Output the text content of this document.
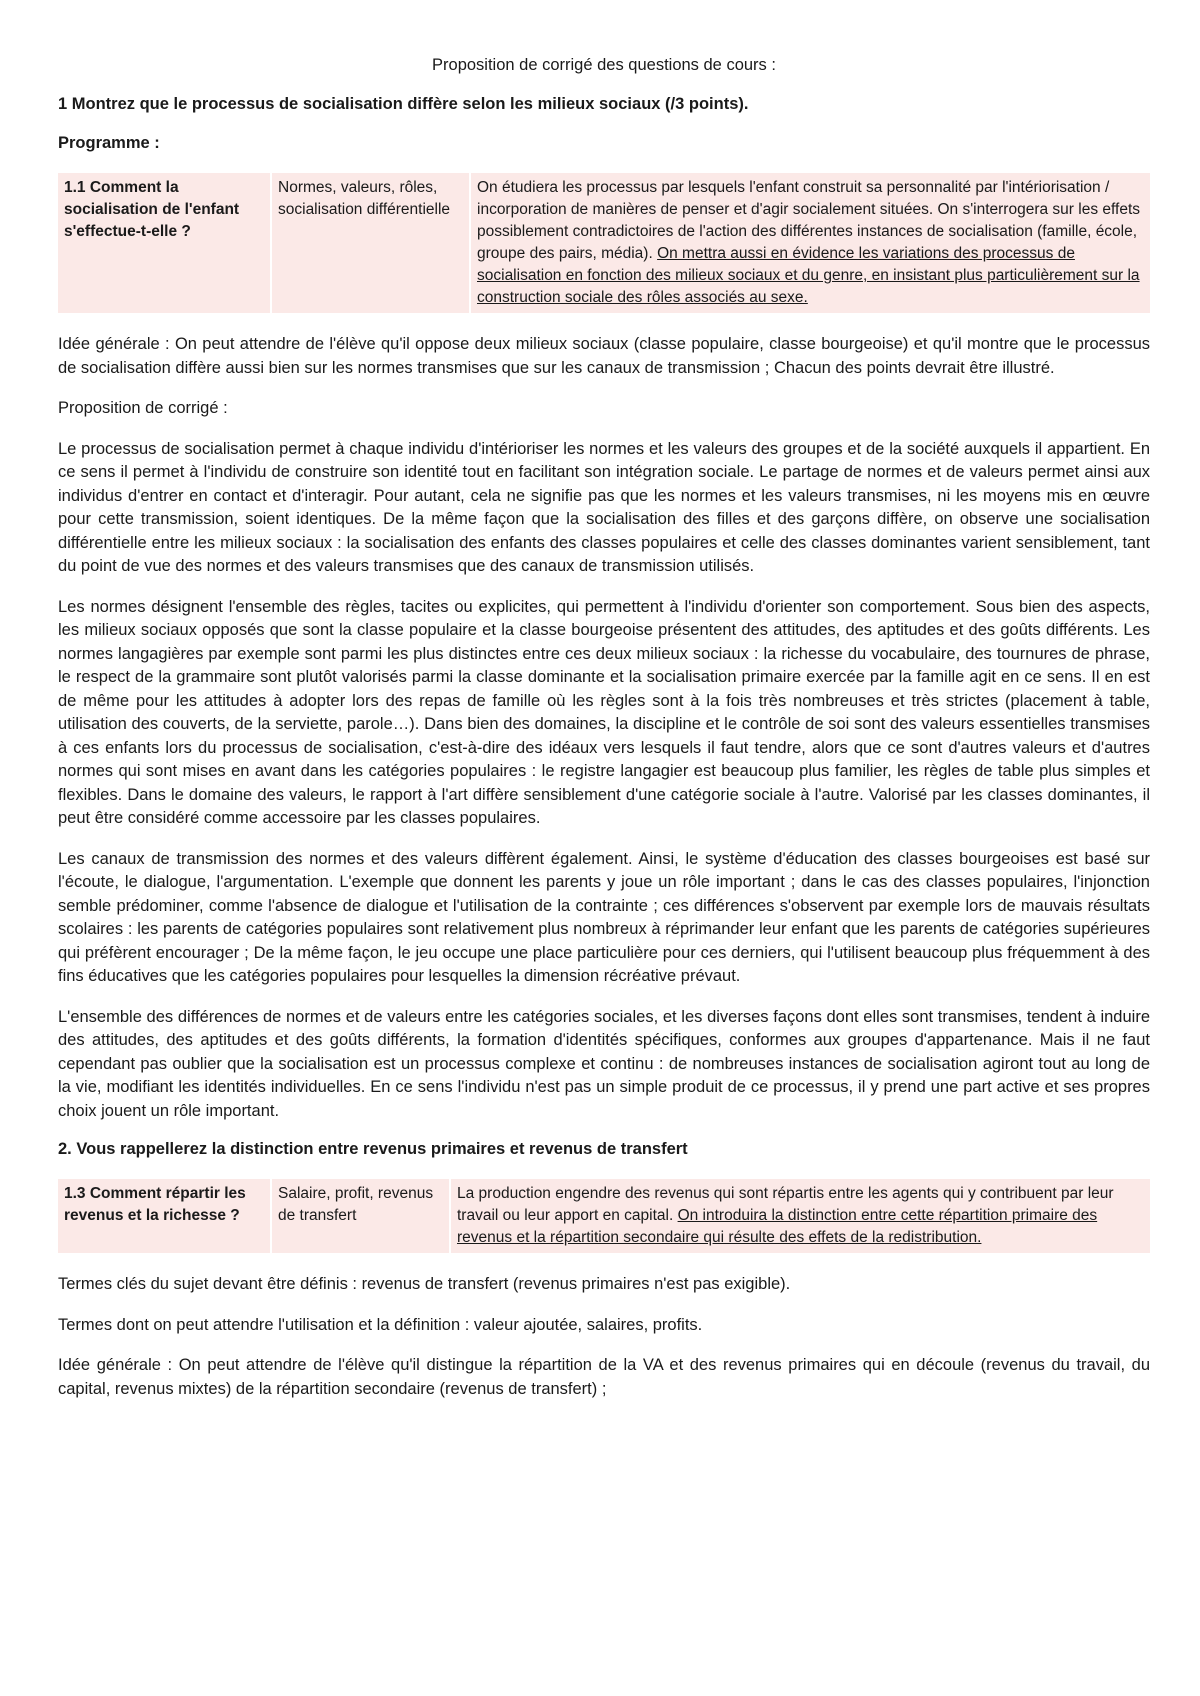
Proposition de corrigé des questions de cours :
1 Montrez que le processus de socialisation diffère selon les milieux sociaux (/3 points).
Programme :
1.1 Comment la socialisation de l'enfant s'effectue-t-elle ?	Normes, valeurs, rôles, socialisation différentielle	On étudiera les processus par lesquels l'enfant construit sa personnalité par l'intériorisation / incorporation de manières de penser et d'agir socialement situées. On s'interrogera sur les effets possiblement contradictoires de l'action des différentes instances de socialisation (famille, école, groupe des pairs, média). On mettra aussi en évidence les variations des processus de socialisation en fonction des milieux sociaux et du genre, en insistant plus particulièrement sur la construction sociale des rôles associés au sexe.

Idée générale : On peut attendre de l'élève qu'il oppose deux milieux sociaux (classe populaire, classe bourgeoise) et qu'il montre que le processus de socialisation diffère aussi bien sur les normes transmises que sur les canaux de transmission ; Chacun des points devrait être illustré.

Proposition de corrigé :

Le processus de socialisation permet à chaque individu d'intérioriser les normes et les valeurs des groupes et de la société auxquels il appartient. En ce sens il permet à l'individu de construire son identité tout en facilitant son intégration sociale. Le partage de normes et de valeurs permet ainsi aux individus d'entrer en contact et d'interagir. Pour autant, cela ne signifie pas que les normes et les valeurs transmises, ni les moyens mis en œuvre pour cette transmission, soient identiques. De la même façon que la socialisation des filles et des garçons diffère, on observe une socialisation différentielle entre les milieux sociaux : la socialisation des enfants des classes populaires et celle des classes dominantes varient sensiblement, tant du point de vue des normes et des valeurs transmises que des canaux de transmission utilisés.

Les normes désignent l'ensemble des règles, tacites ou explicites, qui permettent à l'individu d'orienter son comportement. Sous bien des aspects, les milieux sociaux opposés que sont la classe populaire et la classe bourgeoise présentent des attitudes, des aptitudes et des goûts différents. Les normes langagières par exemple sont parmi les plus distinctes entre ces deux milieux sociaux : la richesse du vocabulaire, des tournures de phrase, le respect de la grammaire sont plutôt valorisés parmi la classe dominante et la socialisation primaire exercée par la famille agit en ce sens. Il en est de même pour les attitudes à adopter lors des repas de famille où les règles sont à la fois très nombreuses et très strictes (placement à table, utilisation des couverts, de la serviette, parole…). Dans bien des domaines, la discipline et le contrôle de soi sont des valeurs essentielles transmises à ces enfants lors du processus de socialisation, c'est-à-dire des idéaux vers lesquels il faut tendre, alors que ce sont d'autres valeurs et d'autres normes qui sont mises en avant dans les catégories populaires : le registre langagier est beaucoup plus familier, les règles de table plus simples et flexibles. Dans le domaine des valeurs, le rapport à l'art diffère sensiblement d'une catégorie sociale à l'autre. Valorisé par les classes dominantes, il peut être considéré comme accessoire par les classes populaires.

Les canaux de transmission des normes et des valeurs diffèrent également. Ainsi, le système d'éducation des classes bourgeoises est basé sur l'écoute, le dialogue, l'argumentation. L'exemple que donnent les parents y joue un rôle important ; dans le cas des classes populaires, l'injonction semble prédominer, comme l'absence de dialogue et l'utilisation de la contrainte ; ces différences s'observent par exemple lors de mauvais résultats scolaires : les parents de catégories populaires sont relativement plus nombreux à réprimander leur enfant que les parents de catégories supérieures qui préfèrent encourager ; De la même façon, le jeu occupe une place particulière pour ces derniers, qui l'utilisent beaucoup plus fréquemment à des fins éducatives que les catégories populaires pour lesquelles la dimension récréative prévaut.

L'ensemble des différences de normes et de valeurs entre les catégories sociales, et les diverses façons dont elles sont transmises, tendent à induire des attitudes, des aptitudes et des goûts différents, la formation d'identités spécifiques, conformes aux groupes d'appartenance. Mais il ne faut cependant pas oublier que la socialisation est un processus complexe et continu : de nombreuses instances de socialisation agiront tout au long de la vie, modifiant les identités individuelles. En ce sens l'individu n'est pas un simple produit de ce processus, il y prend une part active et ses propres choix jouent un rôle important.

2. Vous rappellerez la distinction entre revenus primaires et revenus de transfert
1.3 Comment répartir les revenus et la richesse ?	Salaire, profit, revenus de transfert	La production engendre des revenus qui sont répartis entre les agents qui y contribuent par leur travail ou leur apport en capital. On introduira la distinction entre cette répartition primaire des revenus et la répartition secondaire qui résulte des effets de la redistribution.

Termes clés du sujet devant être définis : revenus de transfert (revenus primaires n'est pas exigible).

Termes dont on peut attendre l'utilisation et la définition : valeur ajoutée, salaires, profits.

Idée générale : On peut attendre de l'élève qu'il distingue la répartition de la VA et des revenus primaires qui en découle (revenus du travail, du capital, revenus mixtes) de la répartition secondaire (revenus de transfert) ;
